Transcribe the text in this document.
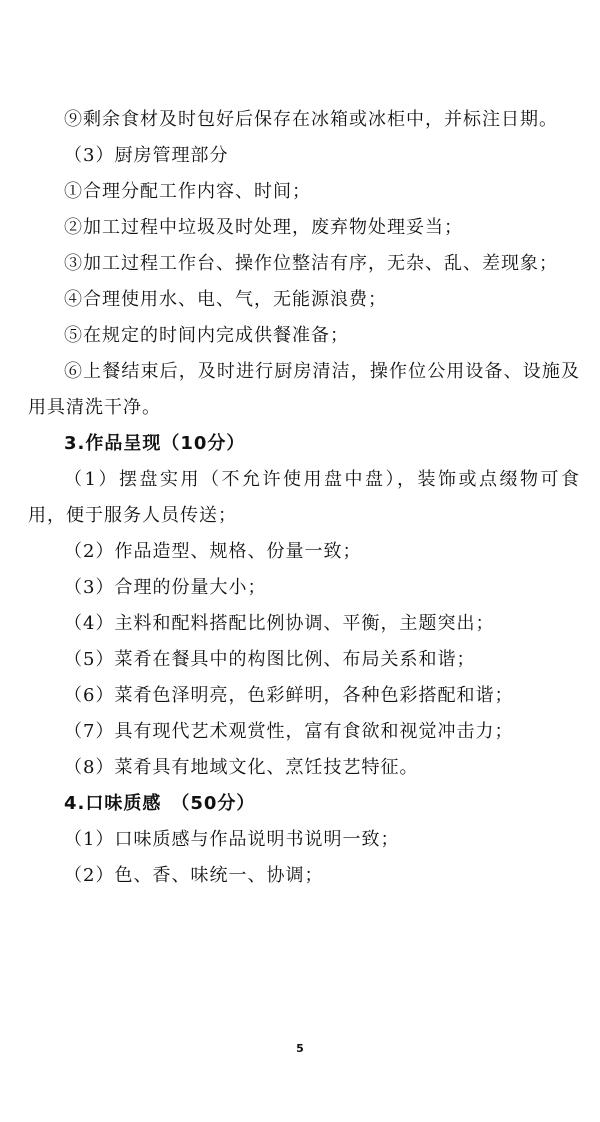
⑨剩余食材及时包好后保存在冰箱或冰柜中，并标注日期。

（3）厨房管理部分

①合理分配工作内容、时间；

②加工过程中垃圾及时处理，废弃物处理妥当；

③加工过程工作台、操作位整洁有序，无杂、乱、差现象；

④合理使用水、电、气，无能源浪费；

⑤在规定的时间内完成供餐准备；

⑥上餐结束后，及时进行厨房清洁，操作位公用设备、设施及用具清洗干净。

3.作品呈现（10分）

（1）摆盘实用（不允许使用盘中盘），装饰或点缀物可食用，便于服务人员传送；

（2）作品造型、规格、份量一致；

（3）合理的份量大小；

（4）主料和配料搭配比例协调、平衡，主题突出；

（5）菜肴在餐具中的构图比例、布局关系和谐；

（6）菜肴色泽明亮，色彩鲜明，各种色彩搭配和谐；

（7）具有现代艺术观赏性，富有食欲和视觉冲击力；

（8）菜肴具有地域文化、烹饪技艺特征。

4.口味质感　（50分）

（1）口味质感与作品说明书说明一致；

（2）色、香、味统一、协调；

5
